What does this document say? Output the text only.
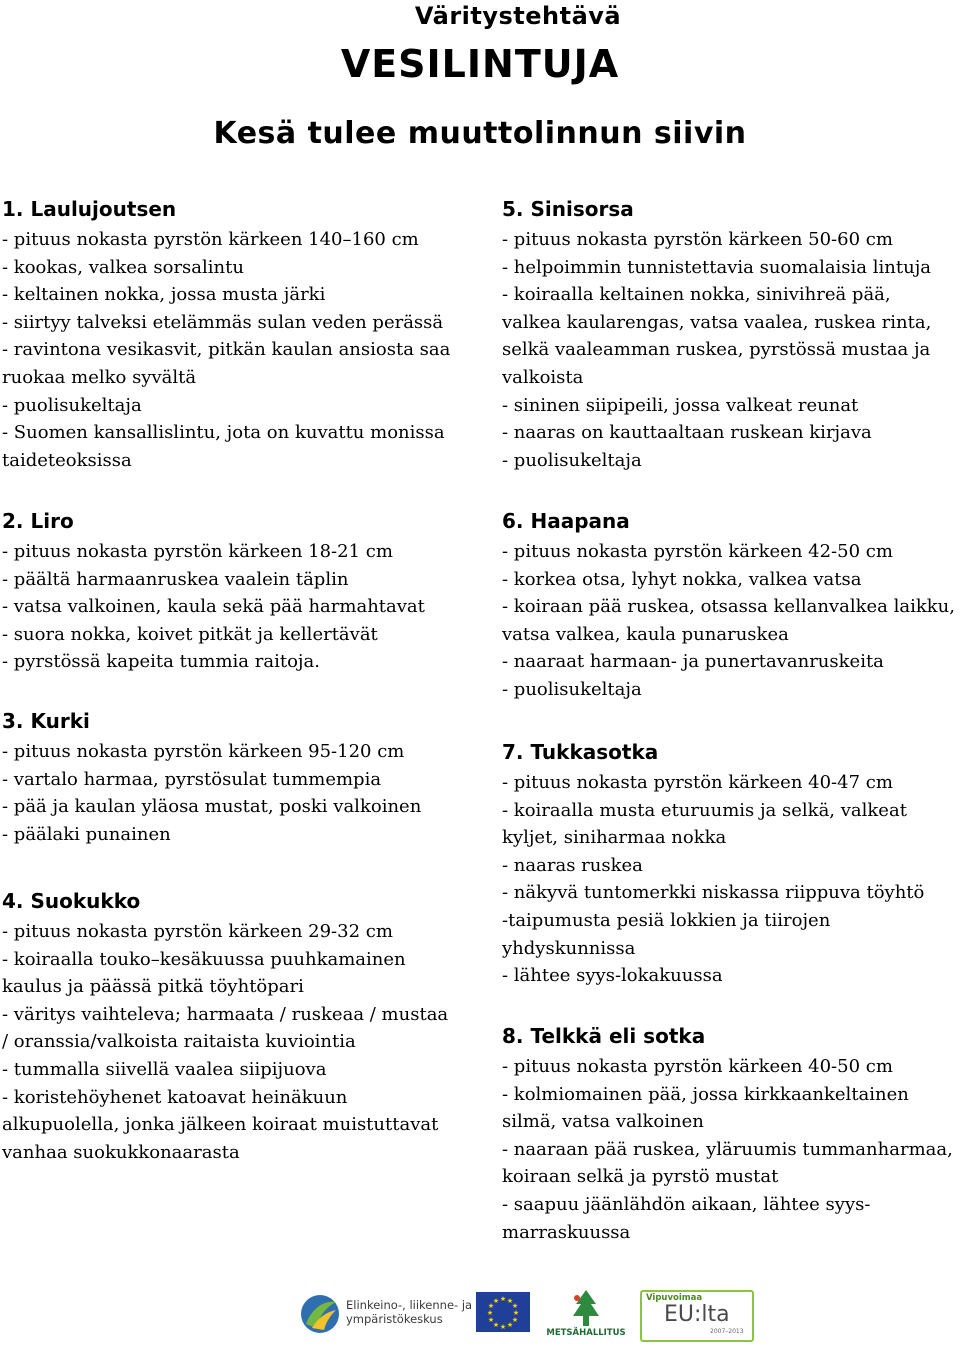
Väritystehtävä
VESILINTUJA
Kesä tulee muuttolinnun siivin
1. Laulujoutsen
- pituus nokasta pyrstön kärkeen 140–160 cm
- kookas, valkea sorsalintu
- keltainen nokka, jossa musta järki
- siirtyy talveksi etelämmäs sulan veden perässä
- ravintona vesikasvit, pitkän kaulan ansiosta saa
ruokaa melko syvältä
- puolisukeltaja
- Suomen kansallislintu, jota on kuvattu monissa
taideteoksissa
2. Liro
- pituus nokasta pyrstön kärkeen 18-21 cm
- päältä harmaanruskea vaalein täplin
- vatsa valkoinen, kaula sekä pää harmahtavat
- suora nokka, koivet pitkät ja kellertävät
- pyrstössä kapeita tummia raitoja.
3. Kurki
- pituus nokasta pyrstön kärkeen 95-120 cm
- vartalo harmaa, pyrstösulat tummempia
- pää ja kaulan yläosa mustat, poski valkoinen
- päälaki punainen
4. Suokukko
- pituus nokasta pyrstön kärkeen 29-32 cm
- koiraalla touko–kesäkuussa puuhkamainen
kaulus ja päässä pitkä töyhtöpari
- väritys vaihteleva; harmaata / ruskeaa / mustaa
/ oranssia/valkoista raitaista kuviointia
- tummalla siivellä vaalea siipijuova
- koristehöyhenet katoavat heinäkuun
alkupuolella, jonka jälkeen koiraat muistuttavat
vanhaa suokukkonaarasta
5. Sinisorsa
- pituus nokasta pyrstön kärkeen 50-60 cm
- helpoimmin tunnistettavia suomalaisia lintuja
- koiraalla keltainen nokka, sinivihreä pää,
valkea kaularengas, vatsa vaalea, ruskea rinta,
selkä vaaleamman ruskea, pyrstössä mustaa ja
valkoista
- sininen siipipeili, jossa valkeat reunat
- naaras on kauttaaltaan ruskean kirjava
- puolisukeltaja
6. Haapana
- pituus nokasta pyrstön kärkeen 42-50 cm
- korkea otsa, lyhyt nokka, valkea vatsa
- koiraan pää ruskea, otsassa kellanvalkea laikku,
vatsa valkea, kaula punaruskea
- naaraat harmaan- ja punertavanruskeita
- puolisukeltaja
7. Tukkasotka
- pituus nokasta pyrstön kärkeen 40-47 cm
- koiraalla musta eturuumis ja selkä, valkeat
kyljet, siniharmaa nokka
- naaras ruskea
- näkyvä tuntomerkki niskassa riippuva töyhtö
-taipumusta pesiä lokkien ja tiirojen
yhdyskunnissa
- lähtee syys-lokakuussa
8. Telkkä eli sotka
- pituus nokasta pyrstön kärkeen 40-50 cm
- kolmiomainen pää, jossa kirkkaankeltainen
silmä, vatsa valkoinen
- naaraan pää ruskea, yläruumis tummanharmaa,
koiraan selkä ja pyrstö mustat
- saapuu jäänlähdön aikaan, lähtee syys-
marraskuussa
Elinkeino-, liikenne- ja
ympäristökeskus
★ ★
★
★
★
★
★
★
★
★
★
★
METSÄHALLITUS
Vipuvoimaa
EU:lta
2007–2013
